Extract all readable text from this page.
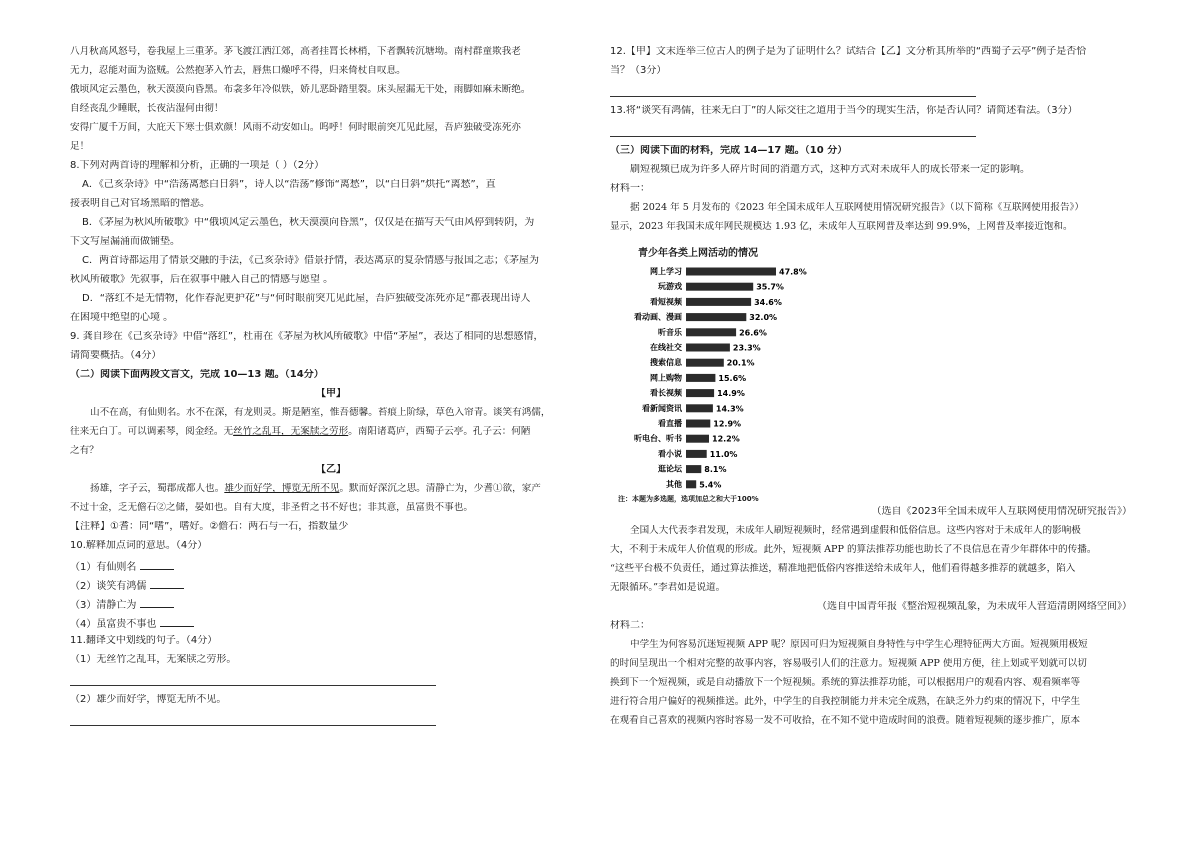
八月秋高风怒号，卷我屋上三重茅。茅飞渡江洒江郊，高者挂罥长林梢，下者飘转沉塘坳。南村群童欺我老
无力，忍能对面为盗贼。公然抱茅入竹去，唇焦口燥呼不得，归来倚杖自叹息。
俄顷风定云墨色，秋天漠漠向昏黑。布衾多年冷似铁，娇儿恶卧踏里裂。床头屋漏无干处，雨脚如麻未断绝。
自经丧乱少睡眠，长夜沾湿何由彻！
安得广厦千万间，大庇天下寒士俱欢颜！风雨不动安如山。呜呼！何时眼前突兀见此屋，吾庐独破受冻死亦
足！
8.下列对两首诗的理解和分析，正确的一项是（ ）（2分）
A．《己亥杂诗》中“浩荡离愁白日斜”，诗人以“浩荡”修饰“离愁”，以“白日斜”烘托“离愁”，直
接表明自己对官场黑暗的憎恶。
B．《茅屋为秋风所破歌》中“俄顷风定云墨色，秋天漠漠向昏黑”，仅仅是在描写天气由风停到转阴，为
下文写屋漏涌而做铺垫。
C．两首诗都运用了情景交融的手法，《己亥杂诗》借景抒情，表达离京的复杂情感与报国之志；《茅屋为
秋风所破歌》先叙事，后在叙事中融入自己的情感与愿望 。
D．“落红不是无情物，化作春泥更护花”与“何时眼前突兀见此屋，吾庐独破受冻死亦足”都表现出诗人
在困境中绝望的心境 。
9. 龚自珍在《己亥杂诗》中借“落红”，杜甫在《茅屋为秋风所破歌》中借“茅屋”，表达了相同的思想感情，
请简要概括。（4分）
（二）阅读下面两段文言文，完成 10—13 题。（14分）
【甲】
山不在高，有仙则名。水不在深，有龙则灵。斯是陋室，惟吾德馨。苔痕上阶绿，草色入帘青。谈笑有鸿儒，
往来无白丁。可以调素琴，阅金经。无丝竹之乱耳，无案牍之劳形。南阳诸葛庐，西蜀子云亭。孔子云：何陋
之有？
【乙】
扬雄，字子云，蜀郡成都人也。雄少而好学，博览无所不见。默而好深沉之思。清静亡为，少耆①欲，家产
不过十金，乏无儋石②之储，晏如也。自有大度，非圣哲之书不好也；非其意，虽富贵不事也。
【注释】①耆：同“嗜”，嗜好。②儋石：两石与一石，指数量少
10.解释加点词的意思。（4分）
（1）有仙则名
（2）谈笑有鸿儒
（3）清静亡为
（4）虽富贵不事也
11.翻译文中划线的句子。（4分）
（1）无丝竹之乱耳，无案牍之劳形。
（2）雄少而好学，博览无所不见。
12.【甲】文末连举三位古人的例子是为了证明什么？试结合【乙】文分析其所举的“西蜀子云亭”例子是否恰
当？（3分）
13.将“谈笑有鸿儒，往来无白丁”的人际交往之道用于当今的现实生活，你是否认同？请简述看法。（3分）
（三）阅读下面的材料，完成 14—17 题。（10 分）
刷短视频已成为许多人碎片时间的消遣方式，这种方式对未成年人的成长带来一定的影响。
材料一：
据 2024 年 5 月发布的《2023 年全国未成年人互联网使用情况研究报告》（以下简称《互联网使用报告》）
显示，2023 年我国未成年网民规模达 1.93 亿，未成年人互联网普及率达到 99.9%，上网普及率接近饱和。
青少年各类上网活动的情况
网上学习	47.8%
玩游戏	35.7%
看短视频	34.6%
看动画、漫画	32.0%
听音乐	26.6%
在线社交	23.3%
搜索信息	20.1%
网上购物	15.6%
看长视频	14.9%
看新闻资讯	14.3%
看直播	12.9%
听电台、听书	12.2%
看小说	11.0%
逛论坛	8.1%
其他 5.4%
注：本题为多选题，选项加总之和大于100%
（选自《2023年全国未成年人互联网使用情况研究报告》）
全国人大代表李君发现，未成年人刷短视频时，经常遇到虚假和低俗信息。这些内容对于未成年人的影响极
大，不利于未成年人价值观的形成。此外，短视频 APP 的算法推荐功能也助长了不良信息在青少年群体中的传播。
“这些平台极不负责任，通过算法推送，精准地把低俗内容推送给未成年人，他们看得越多推荐的就越多，陷入
无限循环。”李君如是说道。
（选自中国青年报《整治短视频乱象，为未成年人营造清朗网络空间》）
材料二：
中学生为何容易沉迷短视频 APP 呢？原因可归为短视频自身特性与中学生心理特征两大方面。短视频用极短
的时间呈现出一个相对完整的故事内容，容易吸引人们的注意力。短视频 APP 使用方便，往上划或平划就可以切
换到下一个短视频，或是自动播放下一个短视频。系统的算法推荐功能，可以根据用户的观看内容、观看频率等
进行符合用户偏好的视频推送。此外，中学生的自我控制能力并未完全成熟，在缺乏外力约束的情况下，中学生
在观看自己喜欢的视频内容时容易一发不可收拾，在不知不觉中造成时间的浪费。随着短视频的逐步推广，原本
